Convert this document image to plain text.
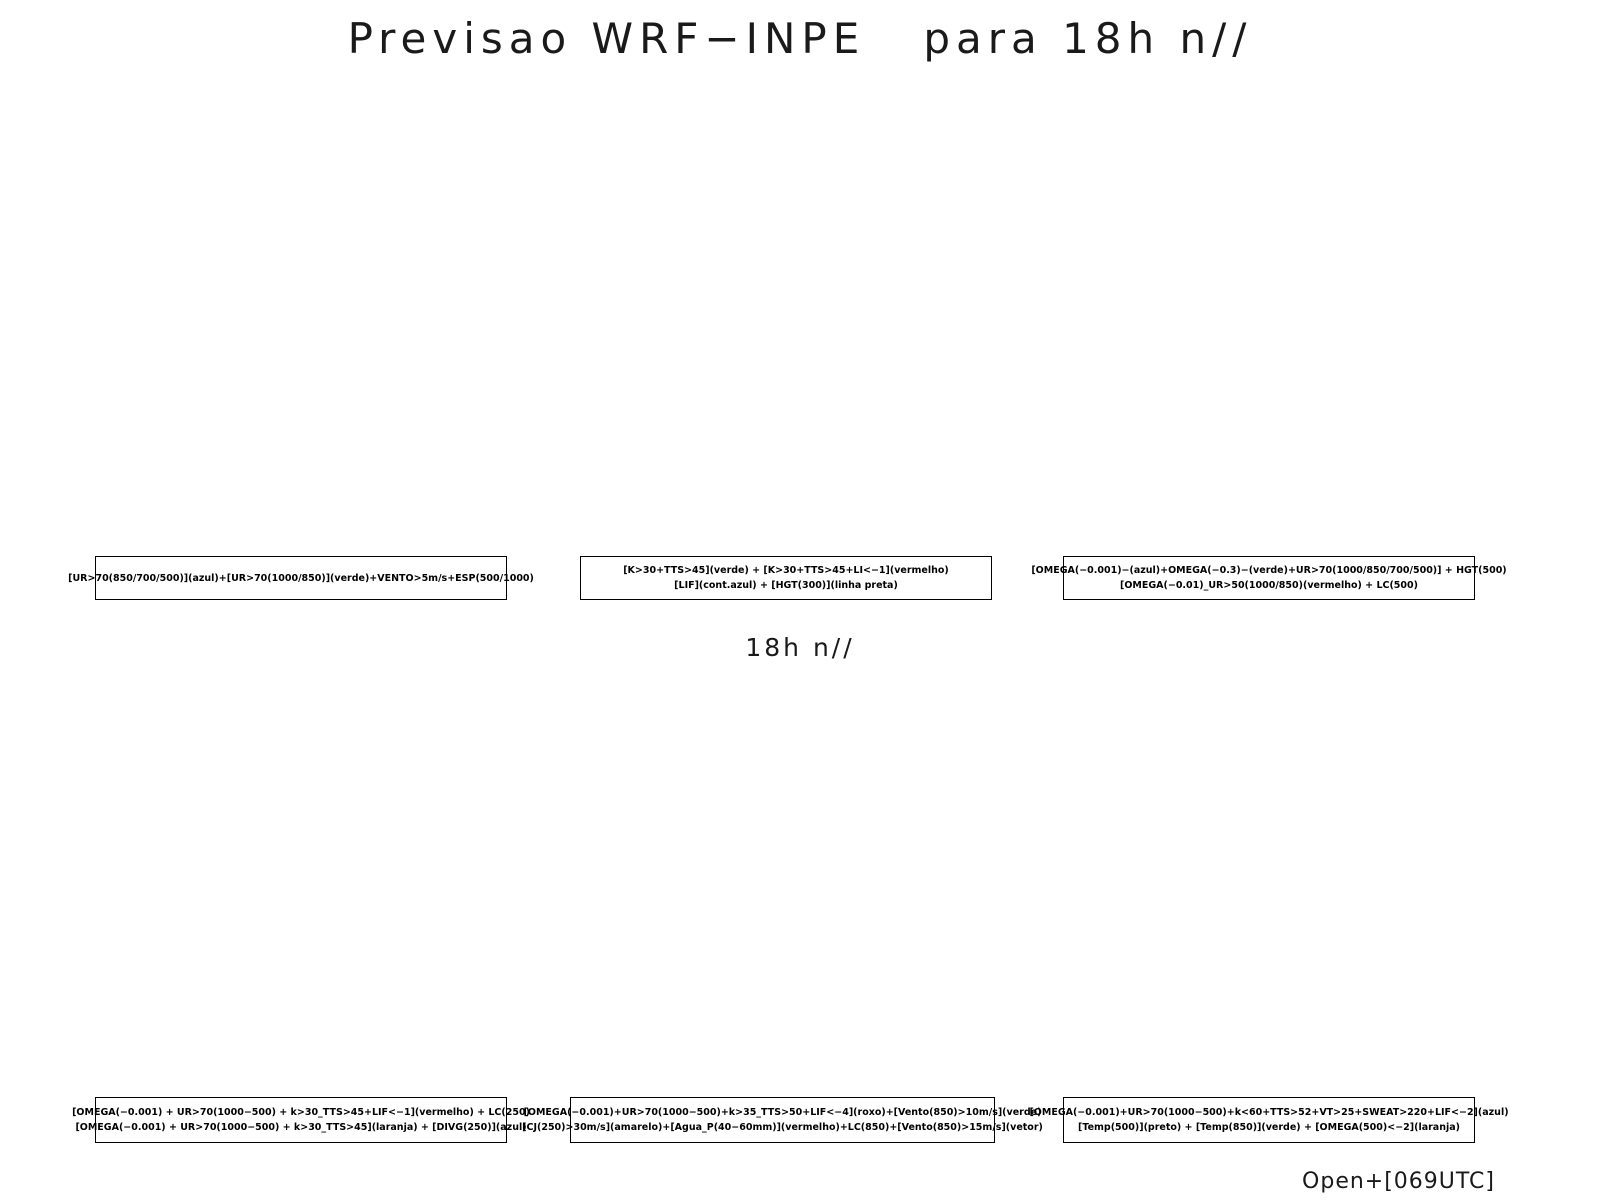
Previsao WRF−INPE   para 18h n//
[UR>70(850/700/500)](azul)+[UR>70(1000/850)](verde)+VENTO>5m/s+ESP(500/1000)
[K>30+TTS>45](verde) + [K>30+TTS>45+LI<−1](vermelho)
[LIF](cont.azul) + [HGT(300)](linha preta)
[OMEGA(−0.001)−(azul)+OMEGA(−0.3)−(verde)+UR>70(1000/850/700/500)] + HGT(500)
[OMEGA(−0.01)_UR>50(1000/850)(vermelho) + LC(500)
18h n//
[OMEGA(−0.001) + UR>70(1000−500) + k>30_TTS>45+LIF<−1](vermelho) + LC(250)
[OMEGA(−0.001) + UR>70(1000−500) + k>30_TTS>45](laranja) + [DIVG(250)](azul)
[OMEGA(−0.001)+UR>70(1000−500)+k>35_TTS>50+LIF<−4](roxo)+[Vento(850)>10m/s](verde)
[CJ(250)>30m/s](amarelo)+[Agua_P(40−60mm)](vermelho)+LC(850)+[Vento(850)>15m/s](vetor)
[OMEGA(−0.001)+UR>70(1000−500)+k<60+TTS>52+VT>25+SWEAT>220+LIF<−2](azul)
[Temp(500)](preto) + [Temp(850)](verde) + [OMEGA(500)<−2](laranja)
Open+[069UTC]
